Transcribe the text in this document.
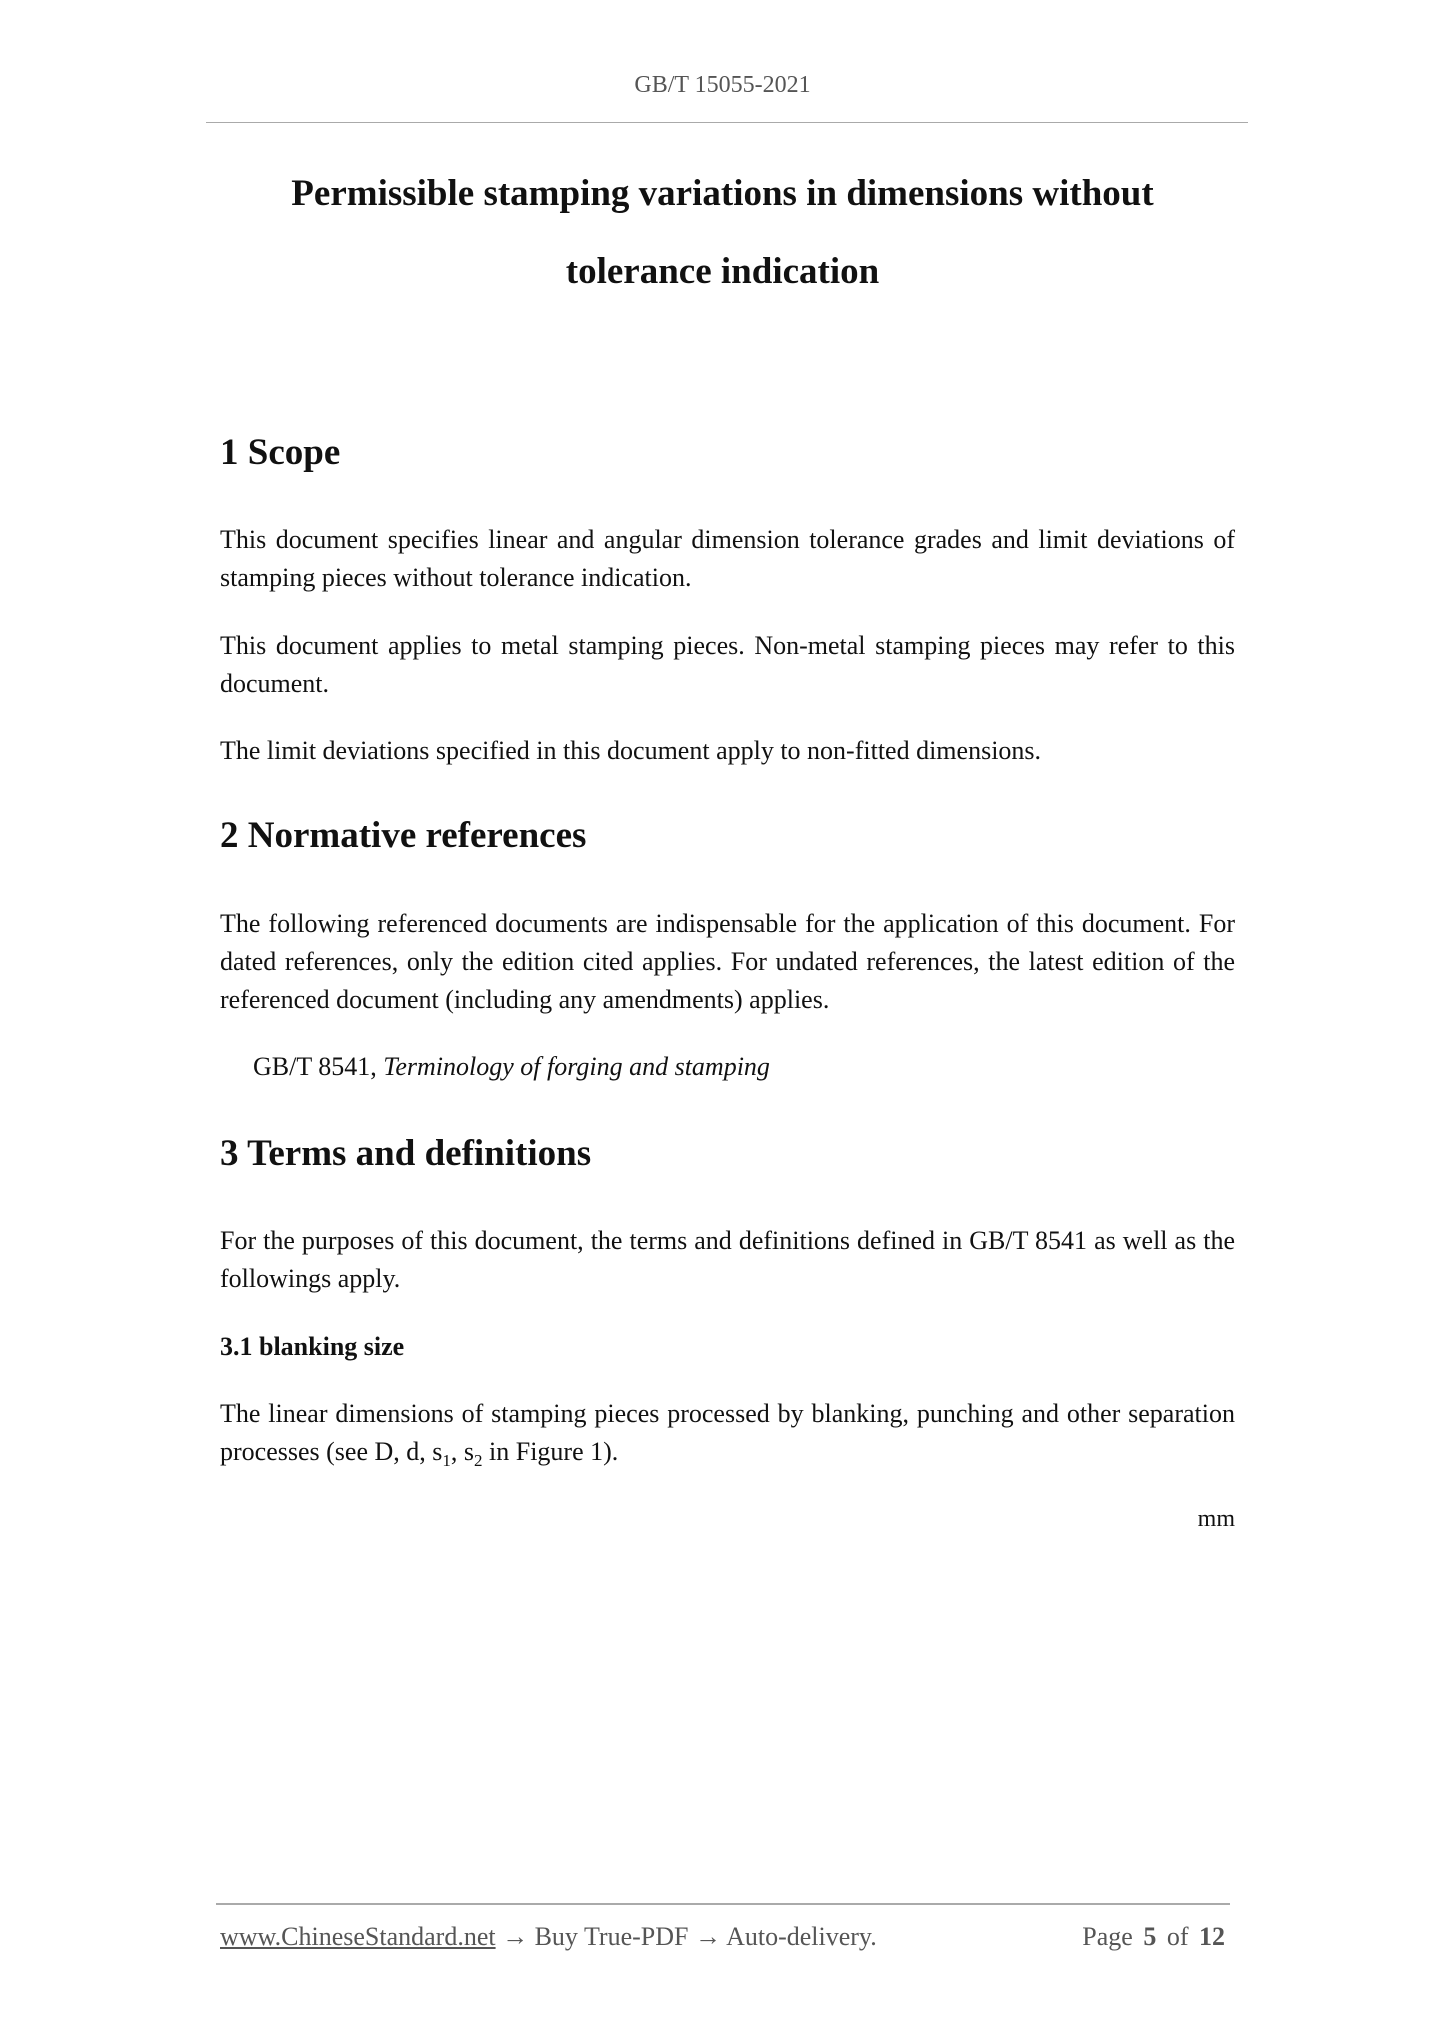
GB/T 15055-2021
Permissible stamping variations in dimensions without
tolerance indication
1 Scope
This document specifies linear and angular dimension tolerance grades and limit deviations of stamping pieces without tolerance indication.
This document applies to metal stamping pieces. Non-metal stamping pieces may refer to this document.
The limit deviations specified in this document apply to non-fitted dimensions.
2 Normative references
The following referenced documents are indispensable for the application of this document. For dated references, only the edition cited applies. For undated references, the latest edition of the referenced document (including any amendments) applies.
GB/T 8541, Terminology of forging and stamping
3 Terms and definitions
For the purposes of this document, the terms and definitions defined in GB/T 8541 as well as the followings apply.
3.1 blanking size
The linear dimensions of stamping pieces processed by blanking, punching and other separation processes (see D, d, $s_1$, $s_2$ in Figure 1).
mm
www.ChineseStandard.net → Buy True-PDF → Auto-delivery.	Page 5 of 12
